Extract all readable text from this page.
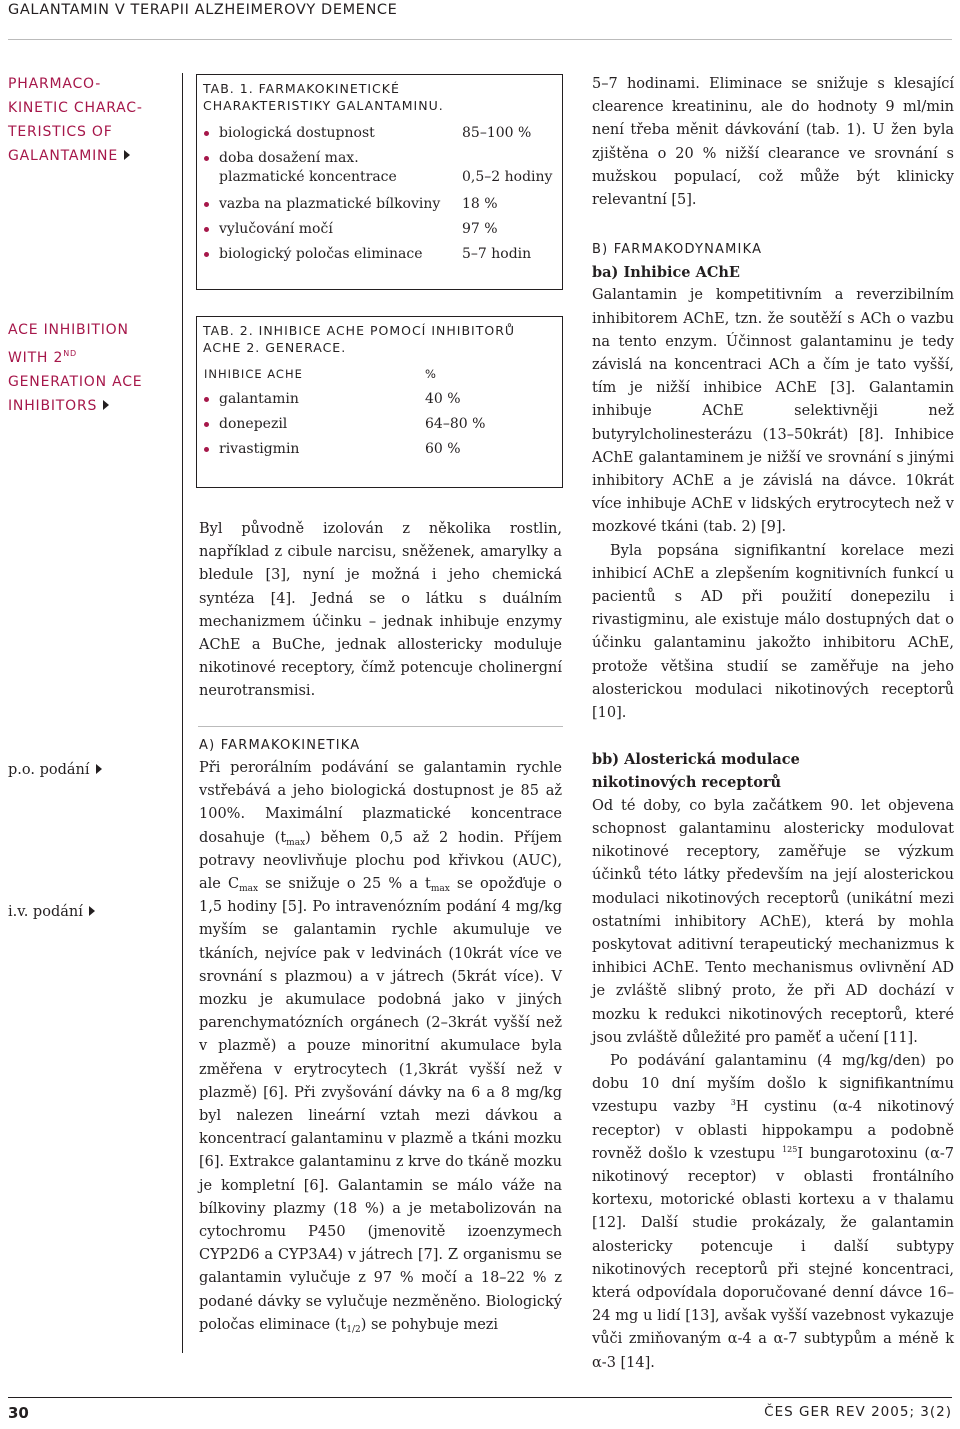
GALANTAMIN V TERAPII ALZHEIMEROVY DEMENCE
PHARMACO-
KINETIC CHARAC-
TERISTICS OF
GALANTAMINE
ACE INHIBITION
WITH 2ND
GENERATION ACE
INHIBITORS
p.o. podání
i.v. podání
TAB. 1. FARMAKOKINETICKÉ
CHARAKTERISTIKY GALANTAMINU.
biologická dostupnost	85–100 %
doba dosažení max.
plazmatické koncentrace	0,5–2 hodiny
vazba na plazmatické bílkoviny 18 %
vylučování močí	97 %
biologický poločas eliminace	5–7 hodin
TAB. 2. INHIBICE ACHE POMOCÍ INHIBITORŮ
ACHE 2. GENERACE.
INHIBICE ACHE	%
galantamin	40 %
donepezil	64–80 %
rivastigmin	60 %

Byl původně izolován z několika rostlin, například z cibule narcisu, sněženek, amarylky a bledule [3], nyní je možná i jeho chemická syntéza [4]. Jedná se o látku s duálním mechanizmem účinku – jednak inhibuje enzymy AChE a BuChe, jednak allostericky moduluje nikotinové receptory, čímž potencuje cholinergní neurotransmisi.

A) FARMAKOKINETIKA

Při perorálním podávání se galantamin rychle vstřebává a jeho biologická dostupnost je 85 až 100%. Maximální plazmatické koncentrace dosahuje $(t_{max})$ během 0,5 až 2 hodin. Příjem potravy neovlivňuje plochu pod křivkou (AUC), ale $C_{max}$ se snižuje o 25 % a $t_{max}$ se opožďuje o 1,5 hodiny [5]. Po intravenózním podání 4 mg/kg myším se galantamin rychle akumuluje ve tkáních, nejvíce pak v ledvinách (10krát více ve srovnání s plazmou) a v játrech (5krát více). V mozku je akumulace podobná jako v jiných parenchymatózních orgánech (2–3krát vyšší než v plazmě) a pouze minoritní akumulace byla změřena v erytrocytech (1,3krát vyšší než v plazmě) [6]. Při zvyšování dávky na 6 a 8 mg/kg byl nalezen lineární vztah mezi dávkou a koncentrací galantaminu v plazmě a tkáni mozku [6]. Extrakce galantaminu z krve do tkáně mozku je kompletní [6]. Galantamin se málo váže na bílkoviny plazmy (18 %) a je metabolizován na cytochromu P450 (jmenovitě izoenzymech CYP2D6 a CYP3A4) v játrech [7]. Z organismu se galantamin vylučuje z 97 % močí a 18–22 % z podané dávky se vylučuje nezměněno. Biologický poločas eliminace $(t_{1/2})$ se pohybuje mezi

5–7 hodinami. Eliminace se snižuje s klesající clearence kreatininu, ale do hodnoty 9 ml/min není třeba měnit dávkování (tab. 1). U žen byla zjištěna o 20 % nižší clearance ve srovnání s mužskou populací, což může být klinicky relevantní [5].

B) FARMAKODYNAMIKA
ba) Inhibice AChE

Galantamin je kompetitivním a reverzibilním inhibitorem AChE, tzn. že soutěží s ACh o vazbu na tento enzym. Účinnost galantaminu je tedy závislá na koncentraci ACh a čím je tato vyšší, tím je nižší inhibice AChE [3]. Galantamin inhibuje AChE selektivněji než butyrylcholinesterázu (13–50krát) [8]. Inhibice AChE galantaminem je nižší ve srovnání s jinými inhibitory AChE a je závislá na dávce. 10krát více inhibuje AChE v lidských erytrocytech než v mozkové tkáni (tab. 2) [9].

Byla popsána signifikantní korelace mezi inhibicí AChE a zlepšením kognitivních funkcí u pacientů s AD při použití donepezilu i rivastigminu, ale existuje málo dostupných dat o účinku galantaminu jakožto inhibitoru AChE, protože většina studií se zaměřuje na jeho alosterickou modulaci nikotinových receptorů [10].

bb) Alosterická modulace
nikotinových receptorů

Od té doby, co byla začátkem 90. let objevena schopnost galantaminu alostericky modulovat nikotinové receptory, zaměřuje se výzkum účinků této látky především na její alosterickou modulaci nikotinových receptorů (unikátní mezi ostatními inhibitory AChE), která by mohla poskytovat aditivní terapeutický mechanizmus k inhibici AChE. Tento mechanismus ovlivnění AD je zvláště slibný proto, že při AD dochází v mozku k redukci nikotinových receptorů, které jsou zvláště důležité pro paměť a učení [11].

Po podávání galantaminu (4 mg/kg/den) po dobu 10 dní myším došlo k signifikantnímu vzestupu vazby $^3$H cystinu (α-4 nikotinový receptor) v oblasti hippokampu a podobně rovněž došlo k vzestupu $^{125}$I bungarotoxinu (α-7 nikotinový receptor) v oblasti frontálního kortexu, motorické oblasti kortexu a v thalamu [12]. Další studie prokázaly, že galantamin alostericky potencuje i další subtypy nikotinových receptorů při stejné koncentraci, která odpovídala doporučované denní dávce 16–24 mg u lidí [13], avšak vyšší vazebnost vykazuje vůči zmiňovaným α-4 a α-7 subtypům a méně k α-3 [14].

30	ČES GER REV 2005; 3(2)
